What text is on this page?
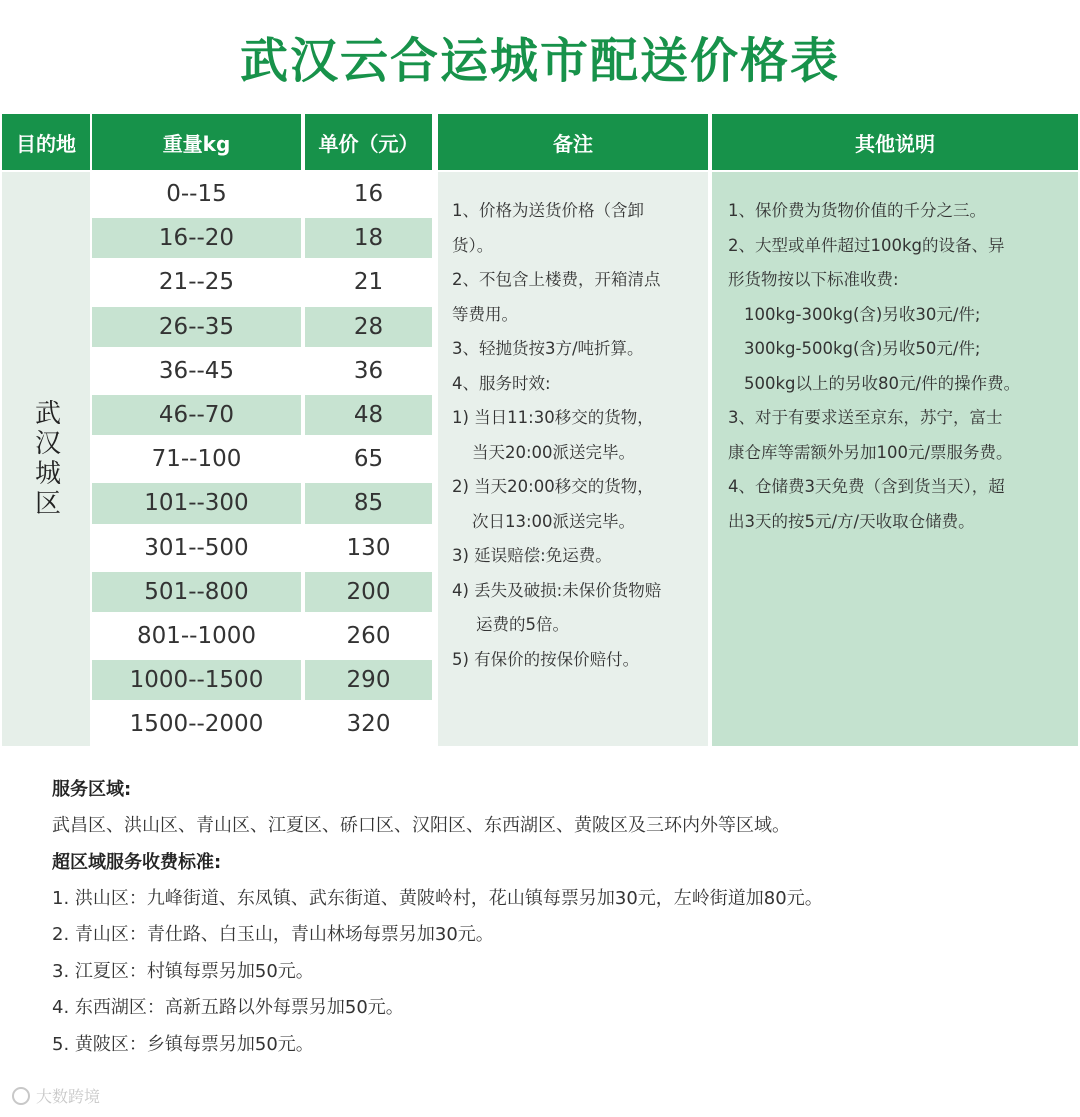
武汉云合运城市配送价格表
目的地	重量kg	单价（元）	备注	其他说明
武汉城区
0--15	16
16--20	18
21--25	21
26--35	28
36--45	36
46--70	48
71--100	65
101--300	85
301--500	130
501--800	200
801--1000	260
1000--1500	290
1500--2000	320
1、价格为送货价格（含卸
货）。
2、不包含上楼费，开箱清点
等费用。
3、轻抛货按3方/吨折算。
4、服务时效:
1) 当日11:30移交的货物，
当天20:00派送完毕。
2) 当天20:00移交的货物，
次日13:00派送完毕。
3) 延误赔偿:免运费。
4) 丢失及破损:未保价货物赔
运费的5倍。
5) 有保价的按保价赔付。
1、保价费为货物价值的千分之三。
2、大型或单件超过100kg的设备、异
形货物按以下标准收费:
100kg-300kg(含)另收30元/件;
300kg-500kg(含)另收50元/件;
500kg以上的另收80元/件的操作费。
3、对于有要求送至京东，苏宁，富士
康仓库等需额外另加100元/票服务费。
4、仓储费3天免费（含到货当天），超
出3天的按5元/方/天收取仓储费。
服务区域:
武昌区、洪山区、青山区、江夏区、硚口区、汉阳区、东西湖区、黄陂区及三环内外等区域。
超区域服务收费标准:
1. 洪山区：九峰街道、东凤镇、武东街道、黄陂岭村，花山镇每票另加30元，左岭街道加80元。
2. 青山区：青仕路、白玉山，青山林场每票另加30元。
3. 江夏区：村镇每票另加50元。
4. 东西湖区：高新五路以外每票另加50元。
5. 黄陂区：乡镇每票另加50元。
大数跨境
